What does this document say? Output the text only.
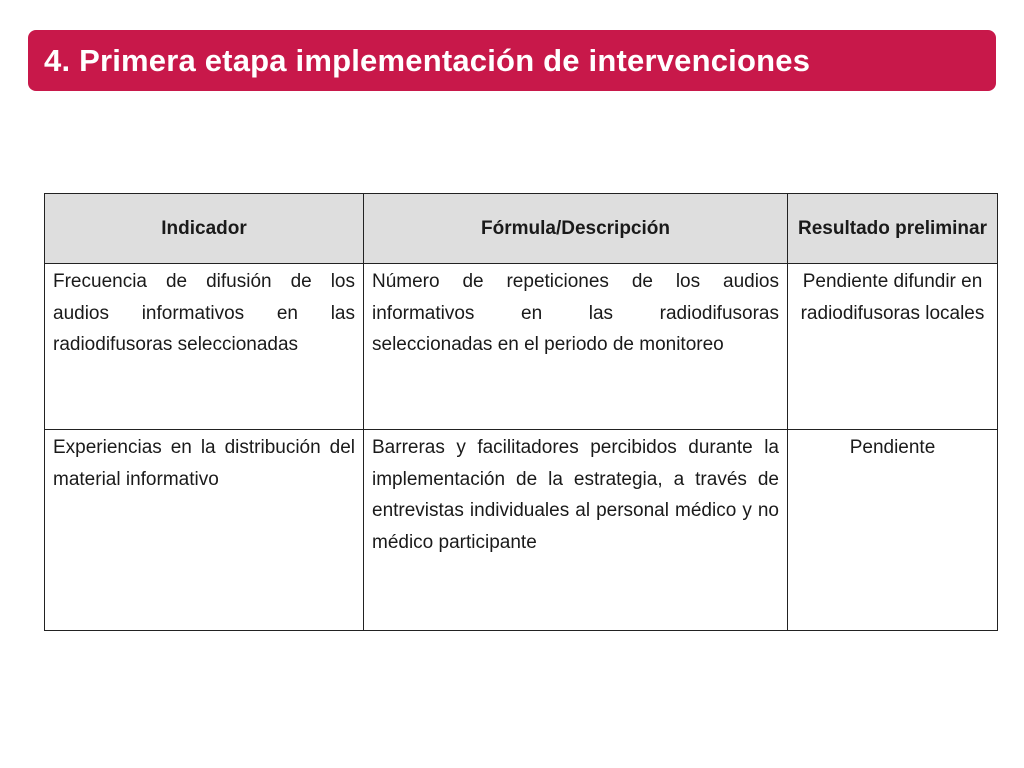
4. Primera etapa implementación de intervenciones
Indicador	Fórmula/Descripción	Resultado preliminar
Frecuencia de difusión de los audios informativos en las radiodifusoras seleccionadas	Número de repeticiones de los audios informativos en las radiodifusoras seleccionadas en el periodo de monitoreo	Pendiente difundir en radiodifusoras locales
Experiencias en la distribución del material informativo	Barreras y facilitadores percibidos durante la implementación de la estrategia, a través de entrevistas individuales al personal médico y no médico participante	Pendiente
